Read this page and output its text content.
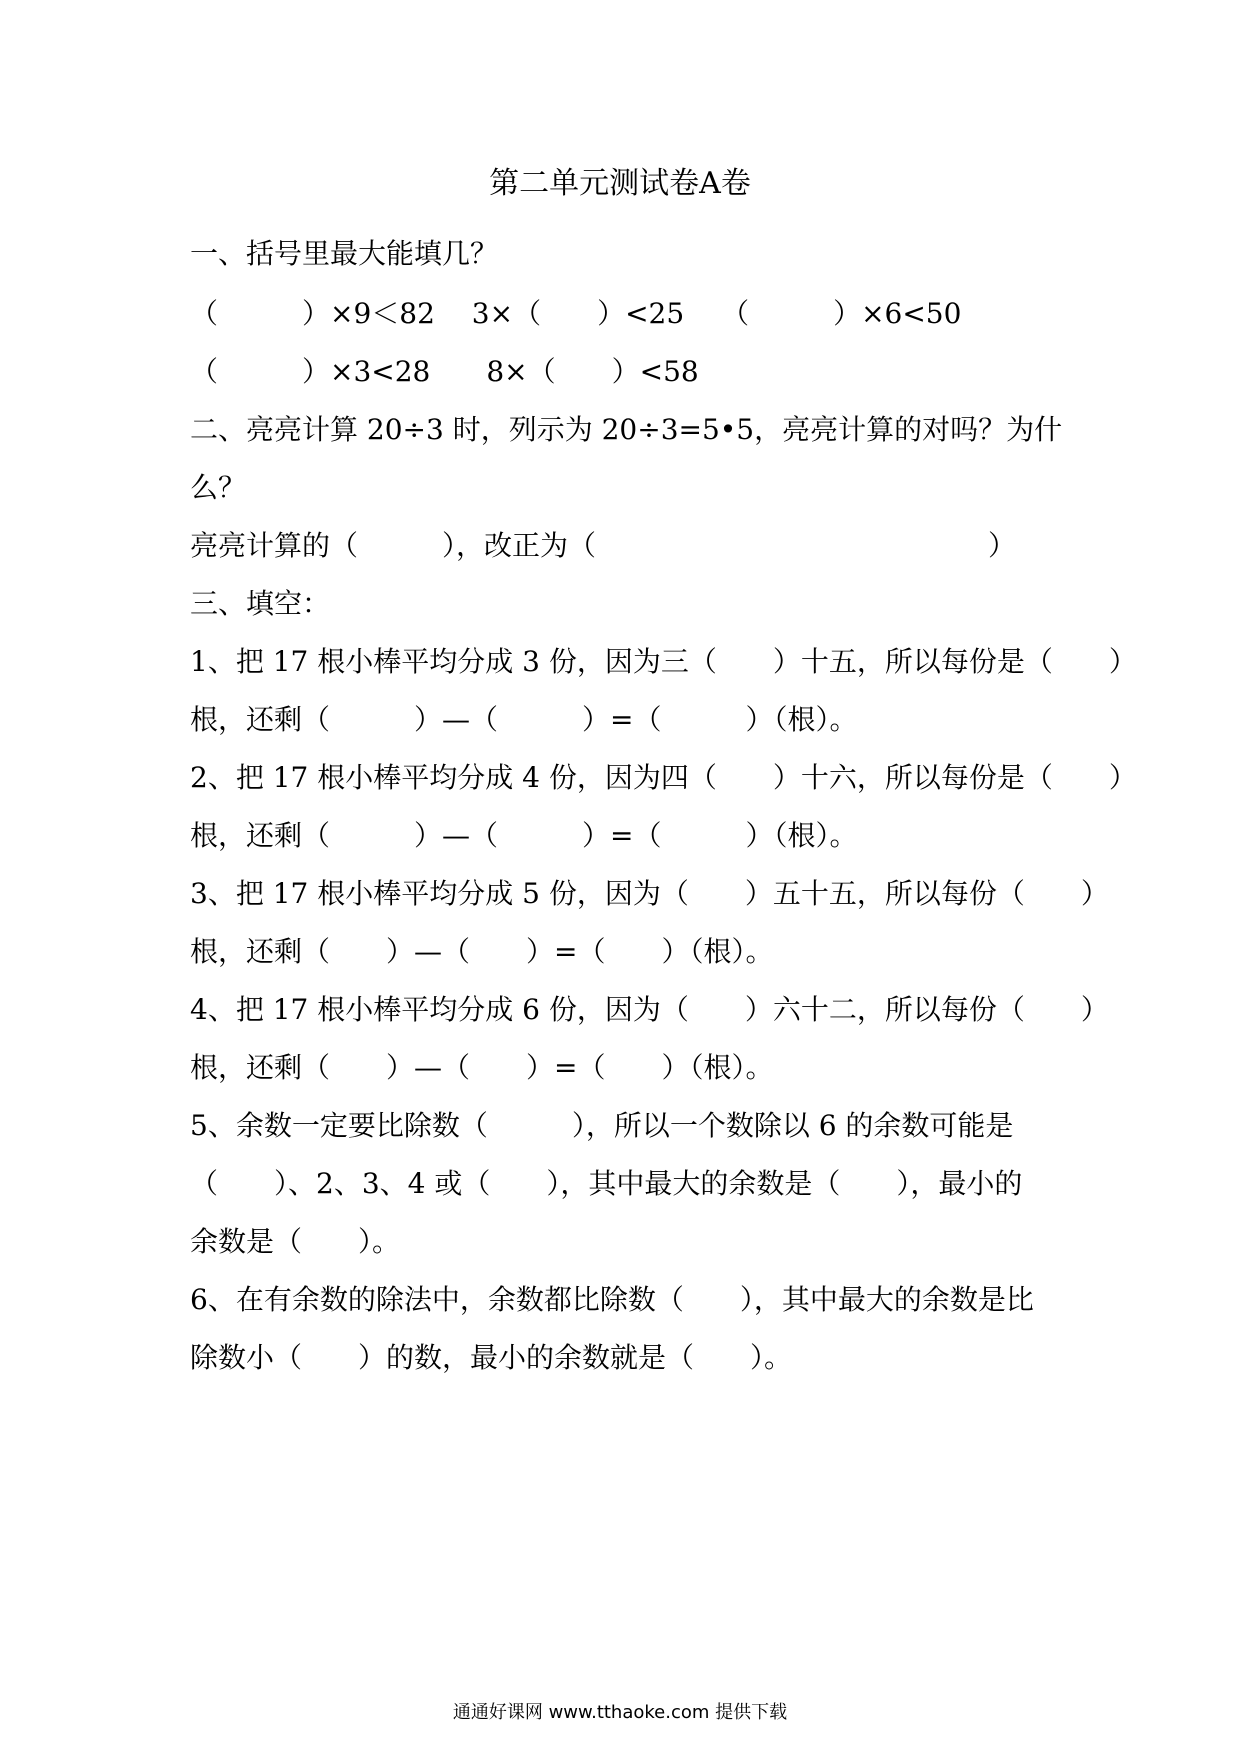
第二单元测试卷A卷
一、括号里最大能填几？
（　　　）×9＜82　 3×（　　）<25　 （　　　）×6<50
（　　　）×3<28　　8×（　　）<58
二、亮亮计算 20÷3 时，列示为 20÷3=5•5，亮亮计算的对吗？为什
么？
亮亮计算的（　　　），改正为（　　　　　　　　　　　　　　）
三、填空：
1、把 17 根小棒平均分成 3 份，因为三（　　）十五，所以每份是（　　）
根，还剩（　　　）—（　　　）=（　　　）（根）。
2、把 17 根小棒平均分成 4 份，因为四（　　）十六，所以每份是（　　）
根，还剩（　　　）—（　　　）=（　　　）（根）。
3、把 17 根小棒平均分成 5 份，因为（　　）五十五，所以每份（　　）
根，还剩（　　）—（　　）=（　　）（根）。
4、把 17 根小棒平均分成 6 份，因为（　　）六十二，所以每份（　　）
根，还剩（　　）—（　　）=（　　）（根）。
5、余数一定要比除数（　　　），所以一个数除以 6 的余数可能是
（　　）、2、3、4 或（　　），其中最大的余数是（　　），最小的
余数是（　　）。
6、在有余数的除法中，余数都比除数（　　），其中最大的余数是比
除数小（　　）的数，最小的余数就是（　　）。
通通好课网 www.tthaoke.com 提供下载
